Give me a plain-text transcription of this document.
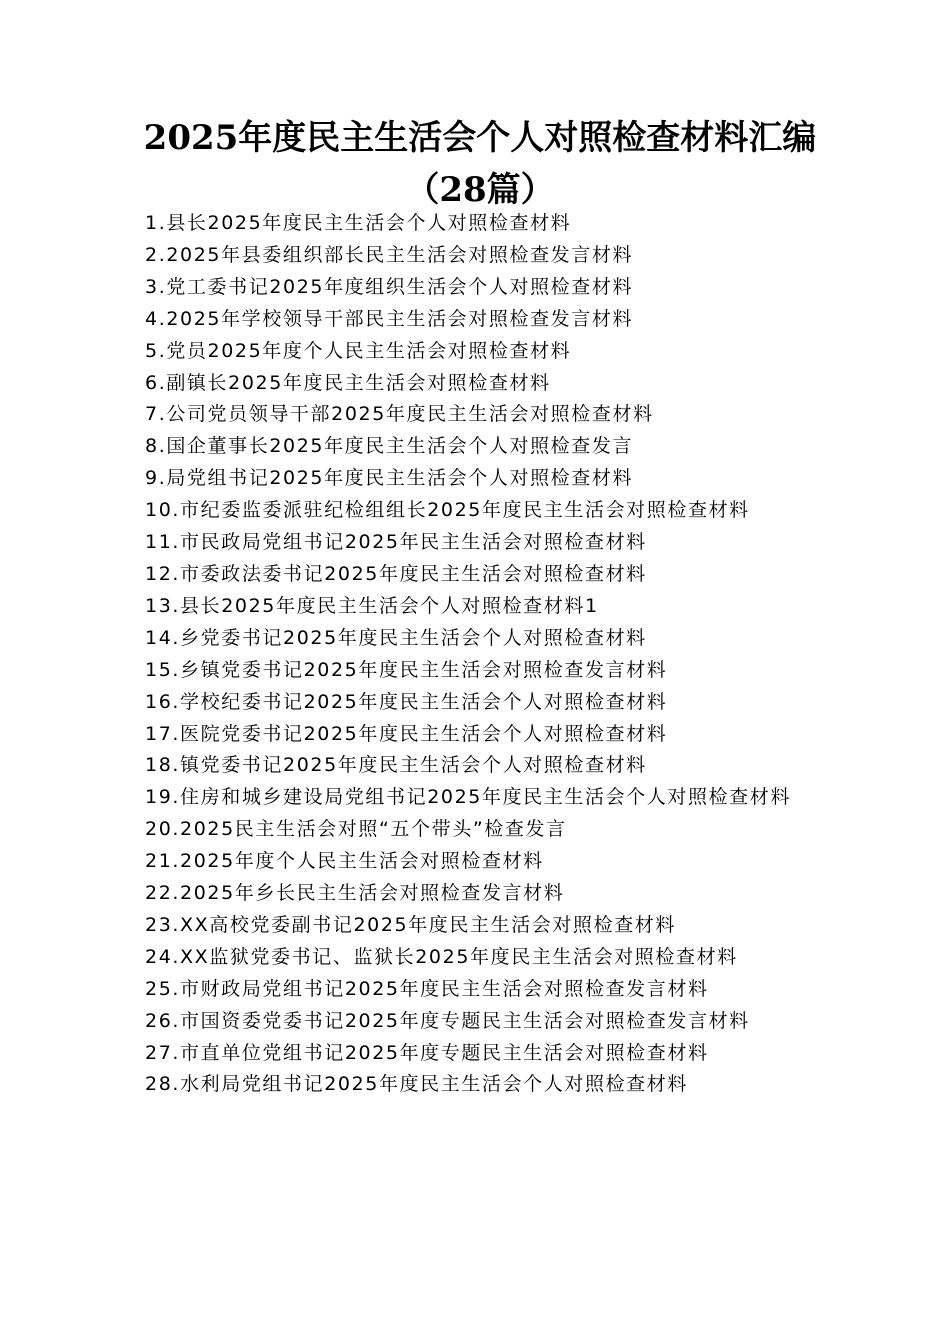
2025年度民主生活会个人对照检查材料汇编（28篇）
1.县长2025年度民主生活会个人对照检查材料
2.2025年县委组织部长民主生活会对照检查发言材料
3.党工委书记2025年度组织生活会个人对照检查材料
4.2025年学校领导干部民主生活会对照检查发言材料
5.党员2025年度个人民主生活会对照检查材料
6.副镇长2025年度民主生活会对照检查材料
7.公司党员领导干部2025年度民主生活会对照检查材料
8.国企董事长2025年度民主生活会个人对照检查发言
9.局党组书记2025年度民主生活会个人对照检查材料
10.市纪委监委派驻纪检组组长2025年度民主生活会对照检查材料
11.市民政局党组书记2025年民主生活会对照检查材料
12.市委政法委书记2025年度民主生活会对照检查材料
13.县长2025年度民主生活会个人对照检查材料1
14.乡党委书记2025年度民主生活会个人对照检查材料
15.乡镇党委书记2025年度民主生活会对照检查发言材料
16.学校纪委书记2025年度民主生活会个人对照检查材料
17.医院党委书记2025年度民主生活会个人对照检查材料
18.镇党委书记2025年度民主生活会个人对照检查材料
19.住房和城乡建设局党组书记2025年度民主生活会个人对照检查材料
20.2025民主生活会对照“五个带头”检查发言
21.2025年度个人民主生活会对照检查材料
22.2025年乡长民主生活会对照检查发言材料
23.XX高校党委副书记2025年度民主生活会对照检查材料
24.XX监狱党委书记、监狱长2025年度民主生活会对照检查材料
25.市财政局党组书记2025年度民主生活会对照检查发言材料
26.市国资委党委书记2025年度专题民主生活会对照检查发言材料
27.市直单位党组书记2025年度专题民主生活会对照检查材料
28.水利局党组书记2025年度民主生活会个人对照检查材料
